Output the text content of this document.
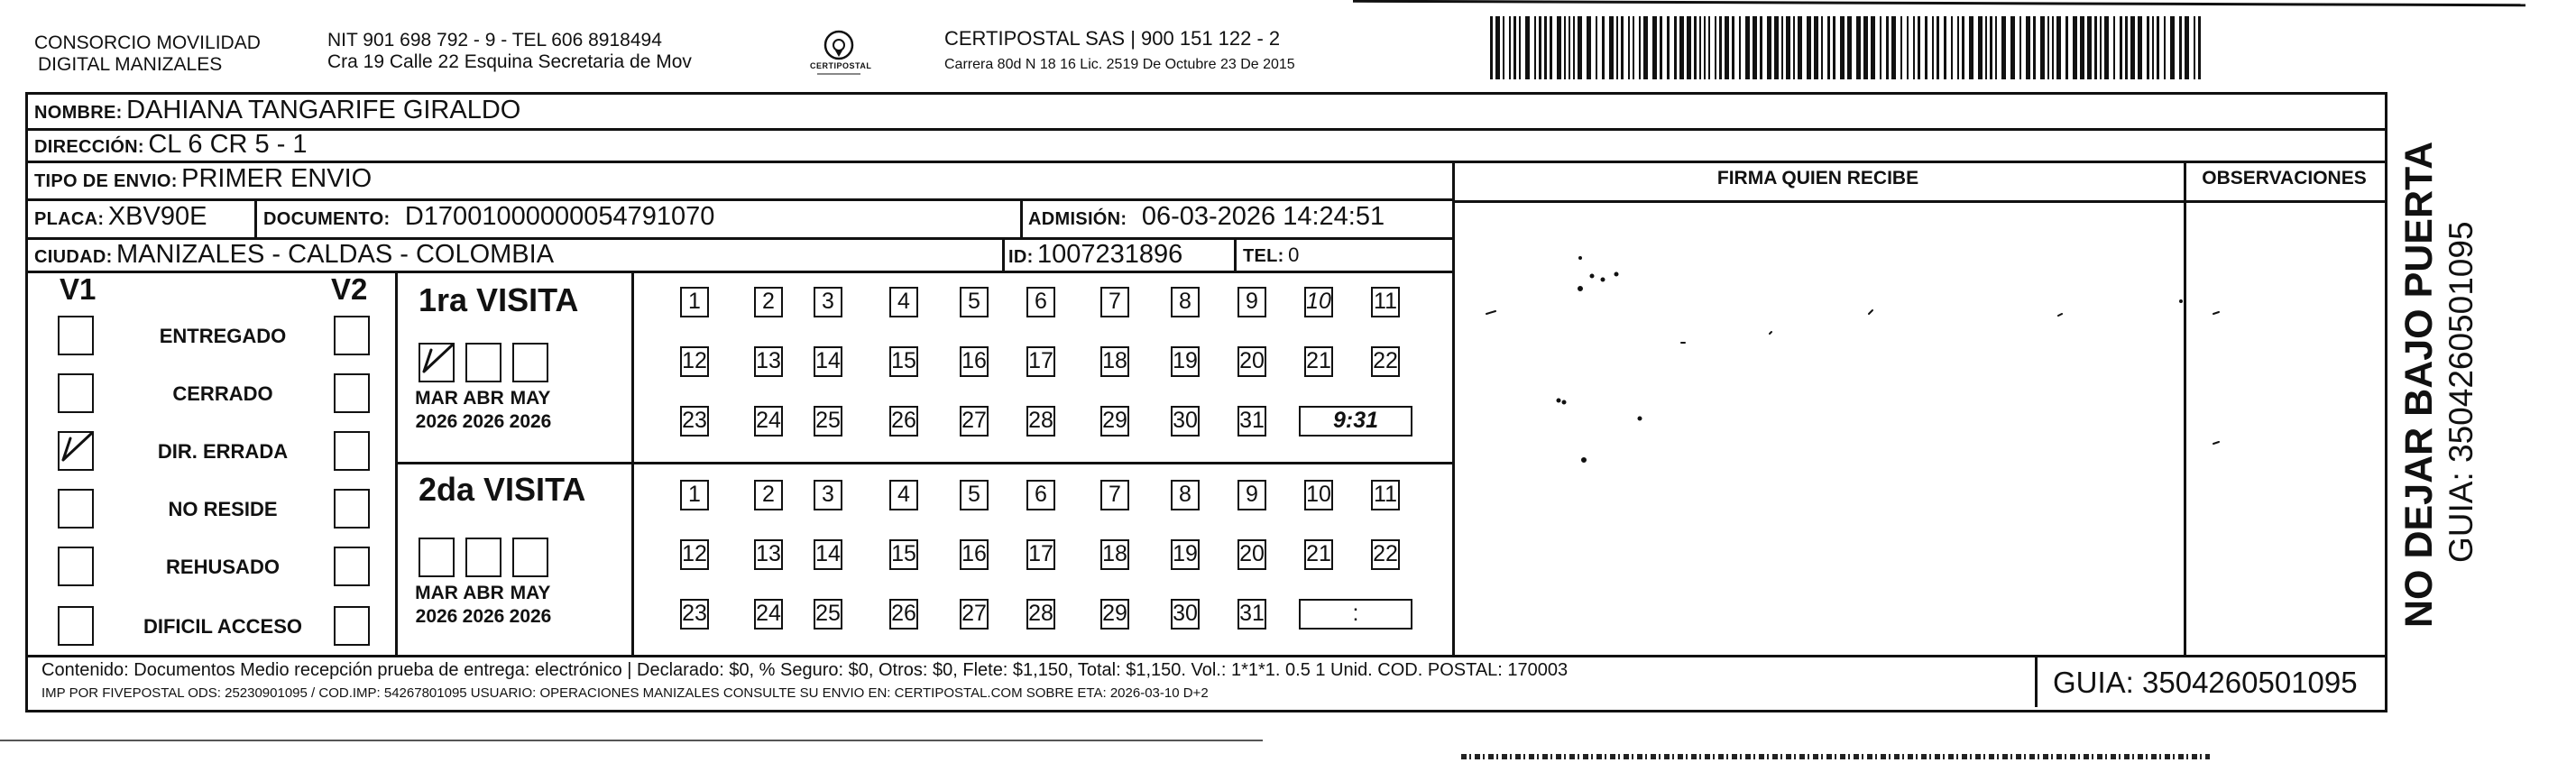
CONSORCIO MOVILIDAD
DIGITAL MANIZALES
NIT 901 698 792 - 9 - TEL 606 8918494
Cra 19 Calle 22 Esquina Secretaria de Mov	CERTIPOSTAL
CERTIPOSTAL SAS | 900 151 122 - 2
Carrera 80d N 18 16 Lic. 2519 De Octubre 23 De 2015
NOMBRE: DAHIANA TANGARIFE GIRALDO
DIRECCIÓN: CL 6 CR 5 - 1
TIPO DE ENVIO: PRIMER ENVIO	FIRMA QUIEN RECIBE	OBSERVACIONES
PLACA: XBV90E	DOCUMENTO: D17001000000054791070	ADMISIÓN: 06-03-2026 14:24:51
CIUDAD: MANIZALES - CALDAS - COLOMBIA	ID: 1007231896	TEL: 0
V1	V2 1ra VISITA
2da VISITA
Contenido: Documentos Medio recepción prueba de entrega: electrónico | Declarado: $0, % Seguro: $0, Otros: $0, Flete: $1,150, Total: $1,150. Vol.: 1*1*1. 0.5 1 Unid. COD. POSTAL: 170003
IMP POR FIVEPOSTAL ODS: 25230901095 / COD.IMP: 54267801095 USUARIO: OPERACIONES MANIZALES CONSULTE SU ENVIO EN: CERTIPOSTAL.COM SOBRE ETA: 2026-03-10 D+2	GUIA: 3504260501095
NO DEJAR BAJO PUERTA GUIA: 3504260501095
ENTREGADO
CERRADO
DIR. ERRADA
NO RESIDE
REHUSADO
DIFICIL ACCESO
MAR
2026
ABR
2026
MAY
2026
MAR
2026
ABR
2026
MAY
2026
1	2	3	4	5	6	7	8	9	10 11
12 13 14 15 16 17 18 19 20 21 22
23 24 25 26 27 28 29 30 31	9:31
1	2	3	4	5	6	7	8	9	10 11
12 13 14 15 16 17 18 19 20 21 22
23 24 25 26 27 28 29 30 31	:
